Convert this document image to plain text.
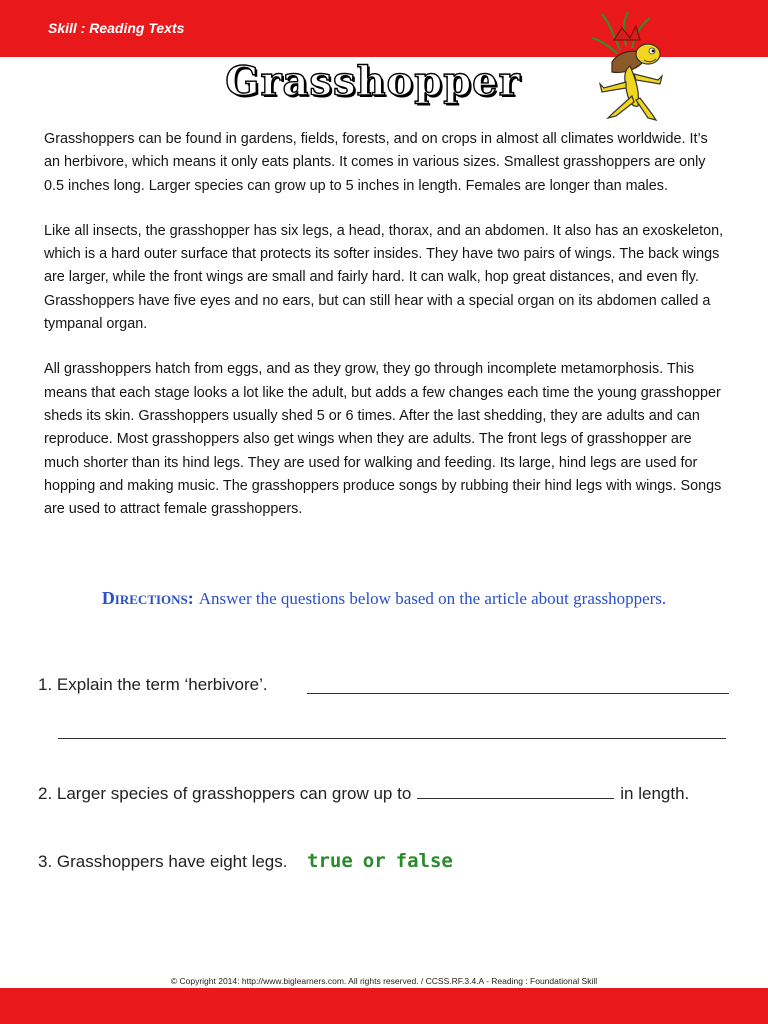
Skill : Reading Texts
Grasshopper

Grasshoppers can be found in gardens, fields, forests, and on crops in almost all climates worldwide. It’s an herbivore, which means it only eats plants. It comes in various sizes. Smallest grasshoppers are only 0.5 inches long. Larger species can grow up to 5 inches in length. Females are longer than males.

Like all insects, the grasshopper has six legs, a head, thorax, and an abdomen. It also has an exoskeleton, which is a hard outer surface that protects its softer insides. They have two pairs of wings. The back wings are larger, while the front wings are small and fairly hard. It can walk, hop great distances, and even fly. Grasshoppers have five eyes and no ears, but can still hear with a special organ on its abdomen called a tympanal organ.

All grasshoppers hatch from eggs, and as they grow, they go through incomplete metamorphosis. This means that each stage looks a lot like the adult, but adds a few changes each time the young grasshopper sheds its skin. Grasshoppers usually shed 5 or 6 times. After the last shedding, they are adults and can reproduce. Most grasshoppers also get wings when they are adults. The front legs of grasshopper are much shorter than its hind legs. They are used for walking and feeding. Its large, hind legs are used for hopping and making music. The grasshoppers produce songs by rubbing their hind legs with wings. Songs are used to attract female grasshoppers.

Directions: Answer the questions below based on the article about grasshoppers.
1. Explain the term ‘herbivore’.
2. Larger species of grasshoppers can grow up to	in length.
3. Grasshoppers have eight legs. true or false
© Copyright 2014: http://www.biglearners.com. All rights reserved. / CCSS.RF.3.4.A - Reading : Foundational Skill
